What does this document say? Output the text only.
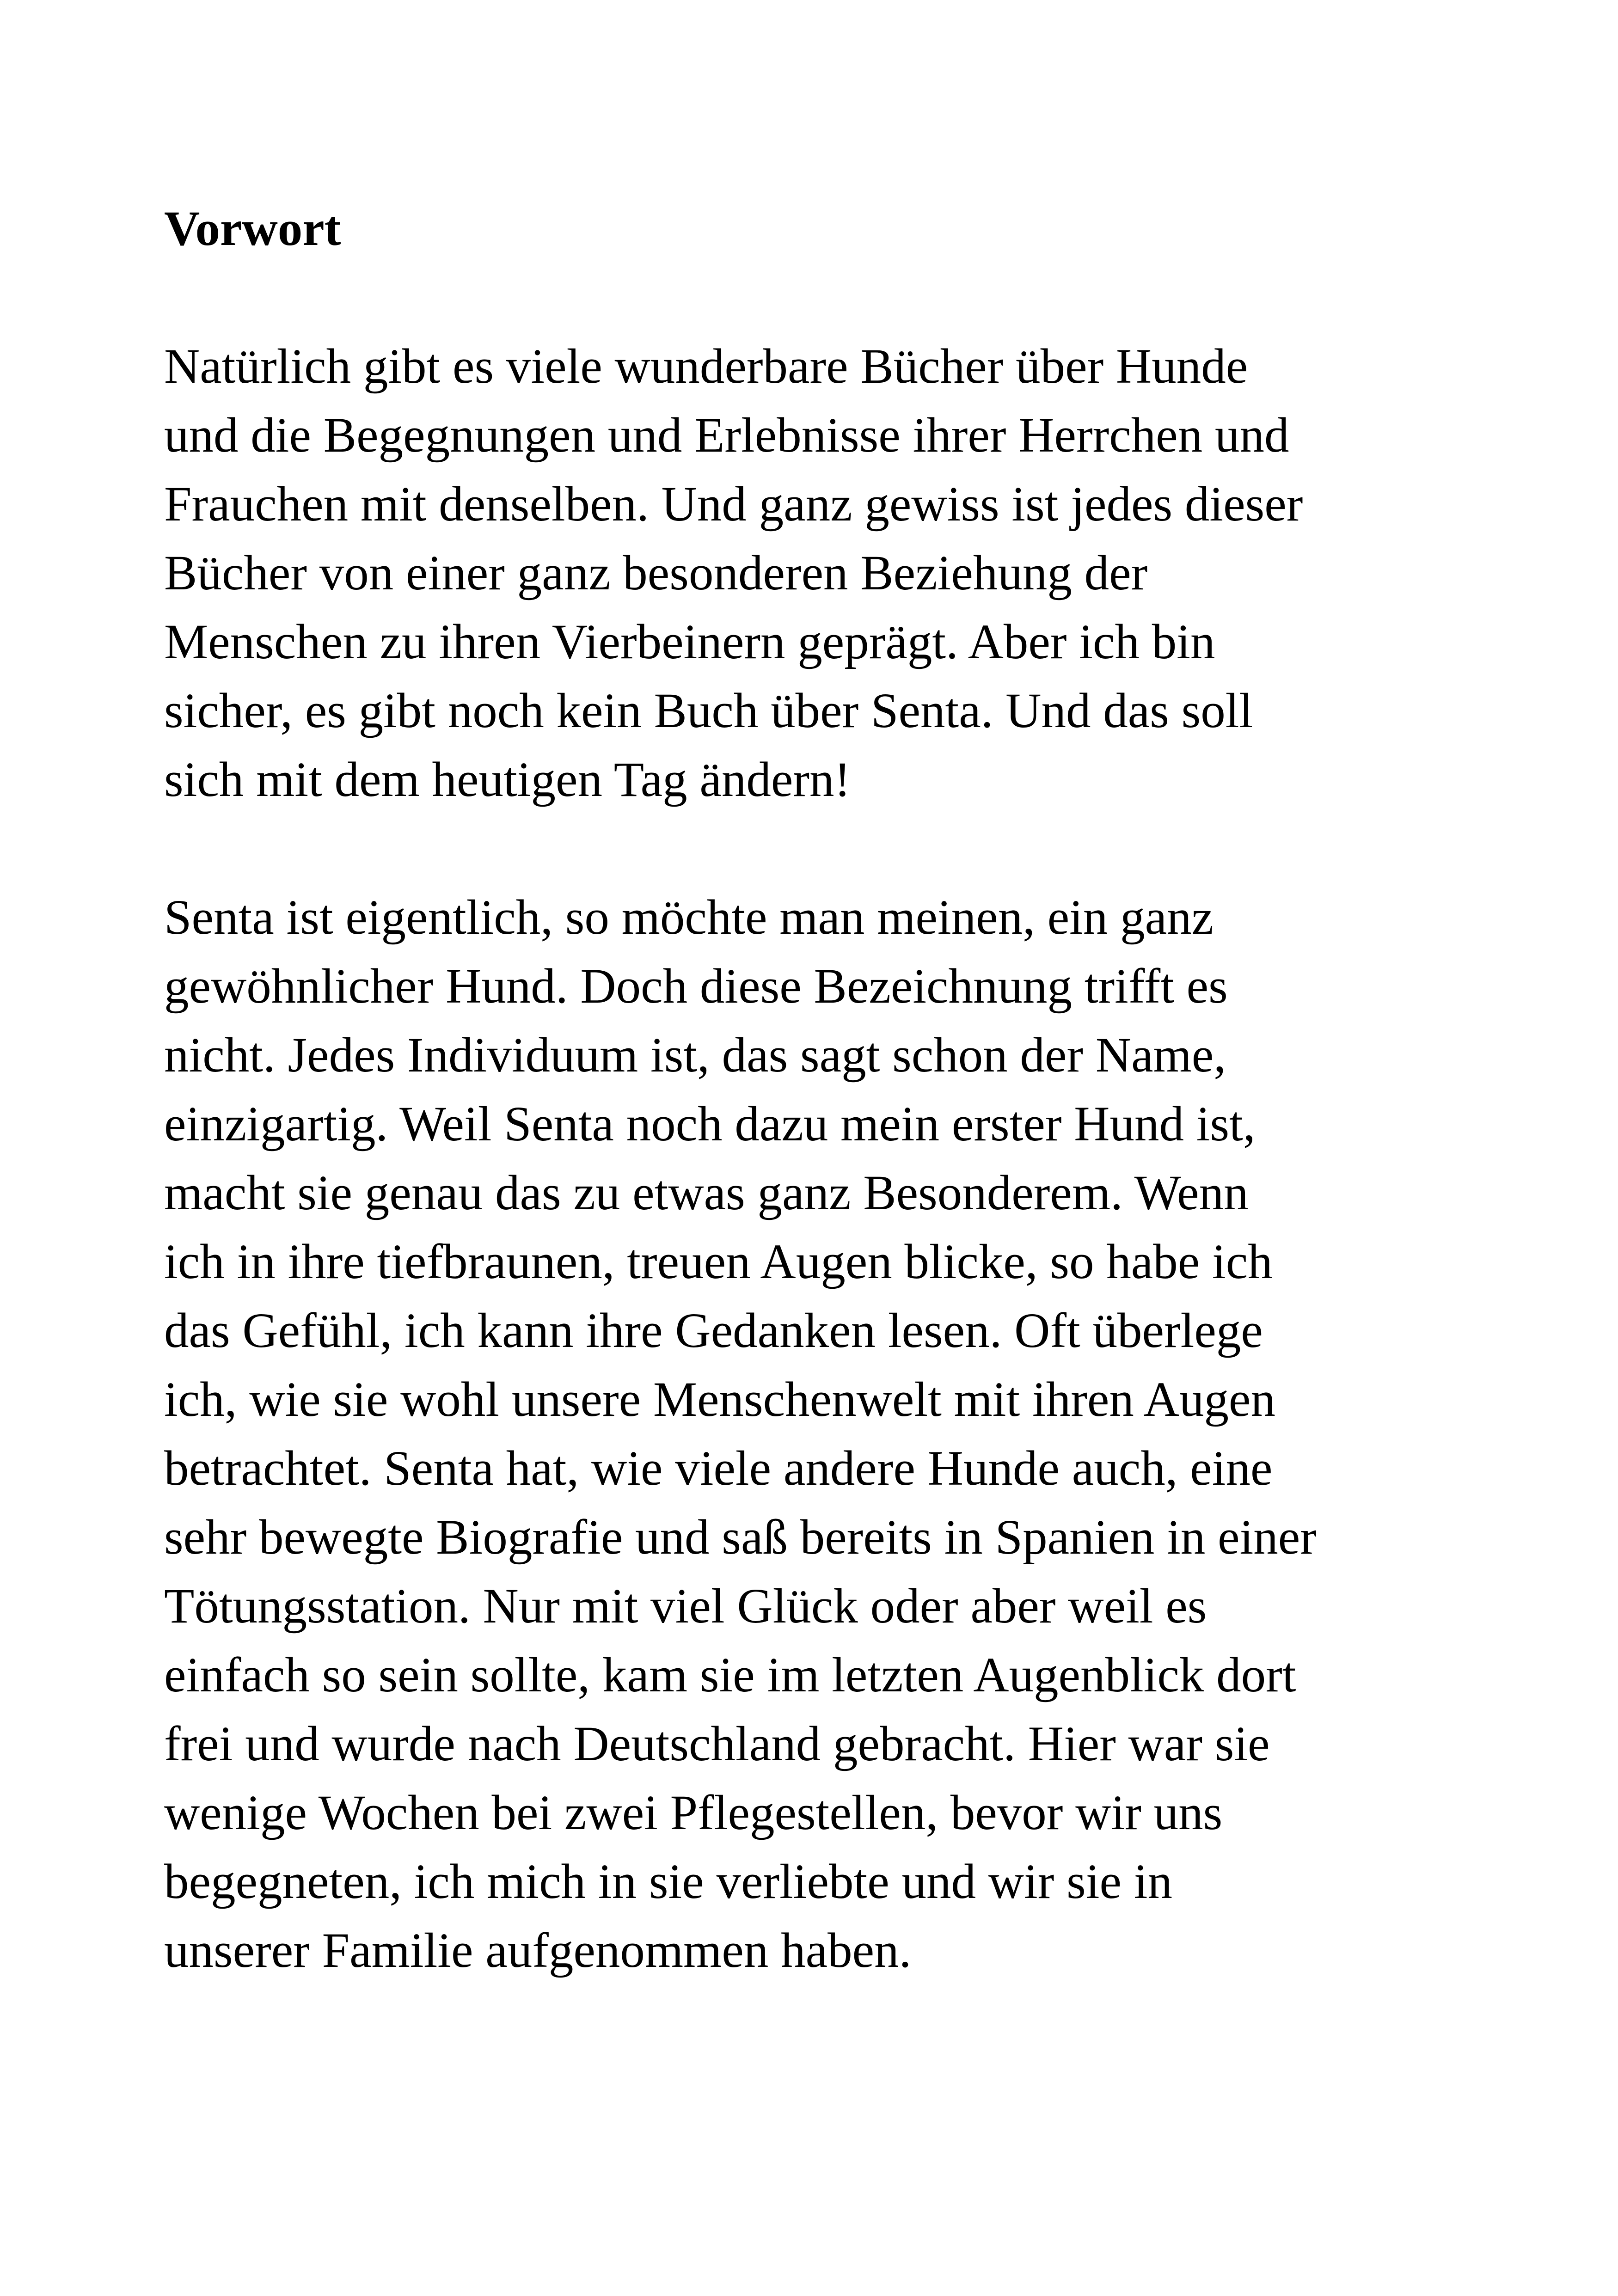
Vorwort

Natürlich gibt es viele wunderbare Bücher über Hunde
und die Begegnungen und Erlebnisse ihrer Herrchen und
Frauchen mit denselben. Und ganz gewiss ist jedes dieser
Bücher von einer ganz besonderen Beziehung der
Menschen zu ihren Vierbeinern geprägt. Aber ich bin
sicher, es gibt noch kein Buch über Senta. Und das soll
sich mit dem heutigen Tag ändern!

Senta ist eigentlich, so möchte man meinen, ein ganz
gewöhnlicher Hund. Doch diese Bezeichnung trifft es
nicht. Jedes Individuum ist, das sagt schon der Name,
einzigartig. Weil Senta noch dazu mein erster Hund ist,
macht sie genau das zu etwas ganz Besonderem. Wenn
ich in ihre tiefbraunen, treuen Augen blicke, so habe ich
das Gefühl, ich kann ihre Gedanken lesen. Oft überlege
ich, wie sie wohl unsere Menschenwelt mit ihren Augen
betrachtet. Senta hat, wie viele andere Hunde auch, eine
sehr bewegte Biografie und saß bereits in Spanien in einer
Tötungsstation. Nur mit viel Glück oder aber weil es
einfach so sein sollte, kam sie im letzten Augenblick dort
frei und wurde nach Deutschland gebracht. Hier war sie
wenige Wochen bei zwei Pflegestellen, bevor wir uns
begegneten, ich mich in sie verliebte und wir sie in
unserer Familie aufgenommen haben.
